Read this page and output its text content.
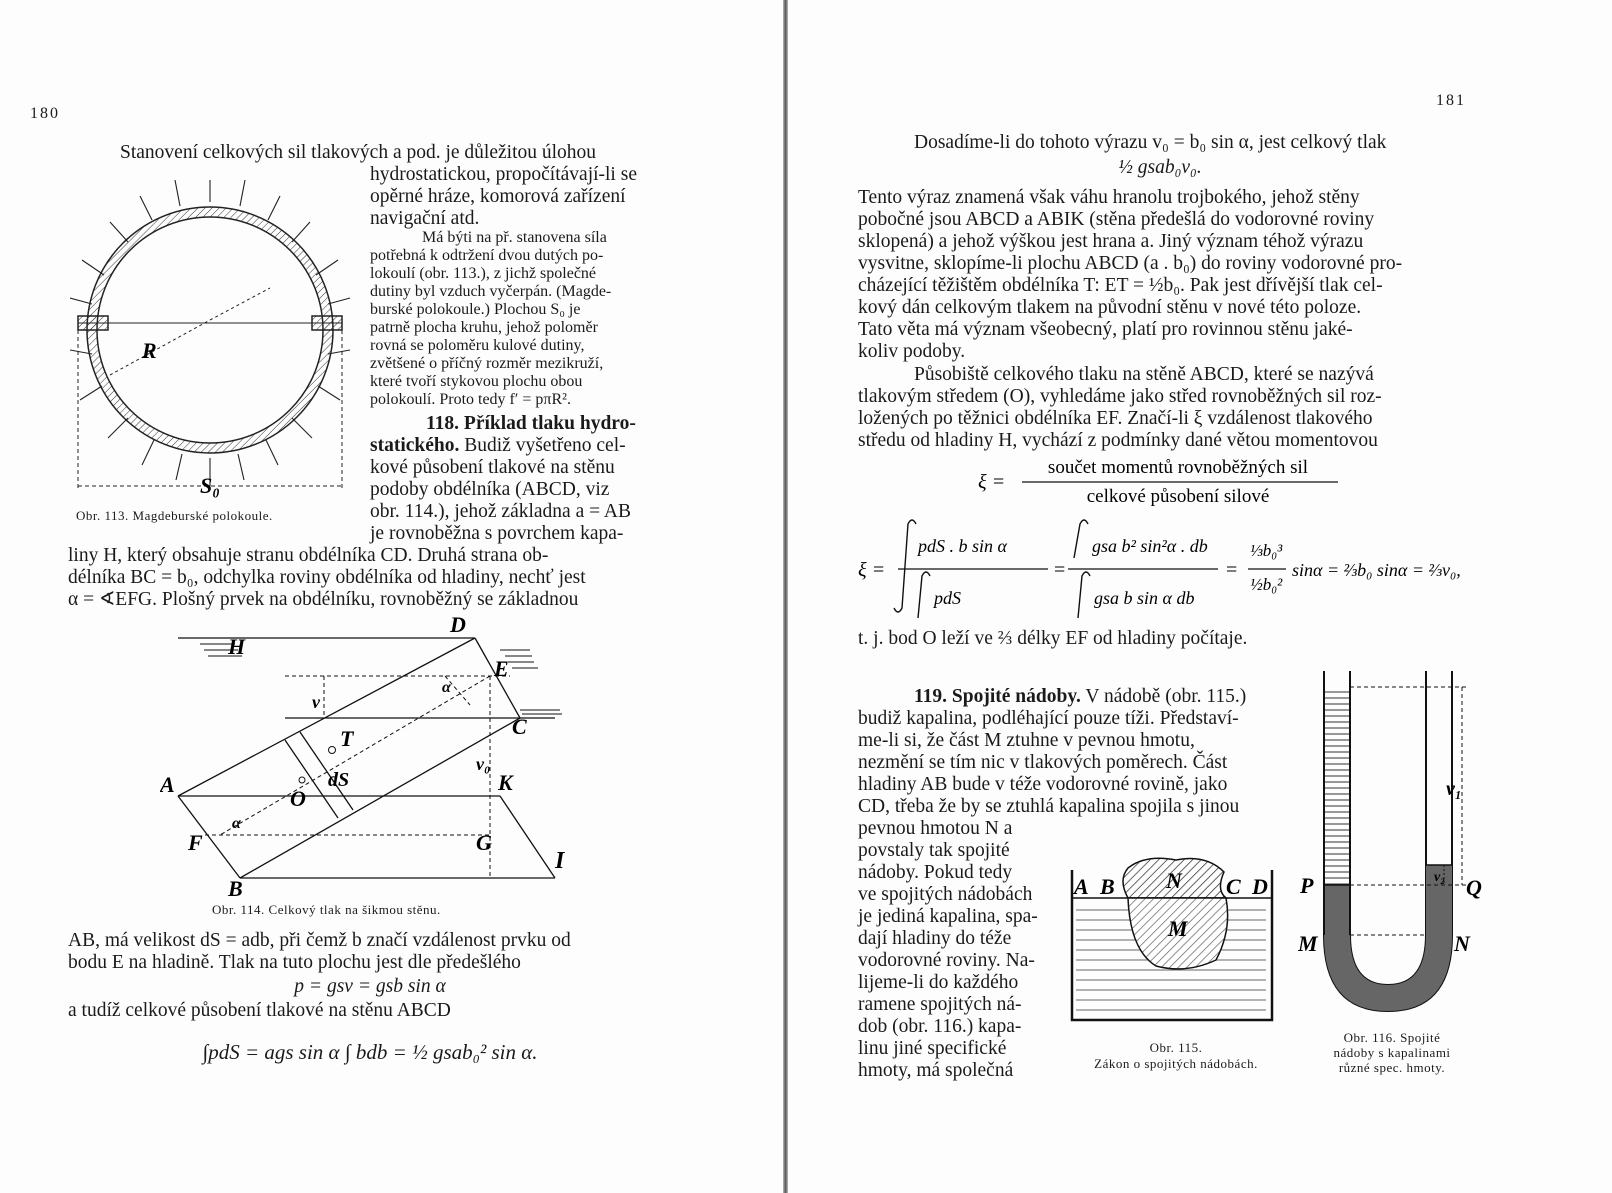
180
Stanovení celkových sil tlakových a pod. je důležitou úlohou
hydrostatickou, propočítávají-li se
opěrné hráze, komorová zařízení
navigační atd.
Má býti na př. stanovena síla
potřebná k odtržení dvou dutých po-
lokoulí (obr. 113.), z jichž společné
dutiny byl vzduch vyčerpán. (Magde-
burské polokoule.) Plochou S₀ je
patrně plocha kruhu, jehož poloměr
rovná se poloměru kulové dutiny,
zvětšené o příčný rozměr mezikruží,
které tvoří stykovou plochu obou
polokoulí. Proto tedy f′ = pπR².
118. Příklad tlaku hydro-
statického. Budiž vyšetřeno cel-
kové působení tlakové na stěnu
podoby obdélníka (ABCD, viz
obr. 114.), jehož základna a = AB
je rovnoběžna s povrchem kapa-
liny H, který obsahuje stranu obdélníka CD. Druhá strana ob-
délníka BC = b₀, odchylka roviny obdélníka od hladiny, nechť jest
α = ∢EFG. Plošný prvek na obdélníku, rovnoběžný se základnou
R
S₀
Obr. 113. Magdeburské polokoule.
H
D
E
C
A
B
F	G
I
K
T
O
dS
v
v₀
α
α
Obr. 114. Celkový tlak na šikmou stěnu.
AB, má velikost dS = adb, při čemž b značí vzdálenost prvku od
bodu E na hladině. Tlak na tuto plochu jest dle předešlého
p = gsv = gsb sin α
a tudíž celkové působení tlakové na stěnu ABCD
∫pdS = ags sin α ∫ bdb = ½ gsab₀² sin α.
181
Dosadíme-li do tohoto výrazu v₀ = b₀ sin α, jest celkový tlak
½ gsab₀v₀.
Tento výraz znamená však váhu hranolu trojbokého, jehož stěny
pobočné jsou ABCD a ABIK (stěna předešlá do vodorovné roviny
sklopená) a jehož výškou jest hrana a. Jiný význam téhož výrazu
vysvitne, sklopíme-li plochu ABCD (a . b₀) do roviny vodorovné pro-
cházející těžištěm obdélníka T: ET = ½b₀. Pak jest dřívější tlak cel-
kový dán celkovým tlakem na původní stěnu v nové této poloze.
Tato věta má význam všeobecný, platí pro rovinnou stěnu jaké-
koliv podoby.
Působiště celkového tlaku na stěně ABCD, které se nazývá
tlakovým středem (O), vyhledáme jako střed rovnoběžných sil roz-
ložených po těžnici obdélníka EF. Značí-li ξ vzdálenost tlakového
středu od hladiny H, vychází z podmínky dané větou momentovou
ξ =
součet momentů rovnoběžných sil
celkové působení silové
ξ =
pdS . b sin α
pdS
=
gsa b² sin²α . db
gsa b sin α db
=
⅓b₀³
½b₀²
sinα = ⅔b₀ sinα = ⅔v₀,
t. j. bod O leží ve ⅔ délky EF od hladiny počítaje.
119. Spojité nádoby. V nádobě (obr. 115.)
budiž kapalina, podléhající pouze tíži. Představí-
me-li si, že část M ztuhne v pevnou hmotu,
nezmění se tím nic v tlakových poměrech. Část
hladiny AB bude v téže vodorovné rovině, jako
CD, třeba že by se ztuhlá kapalina spojila s jinou
pevnou hmotou N a
povstaly tak spojité
nádoby. Pokud tedy
ve spojitých nádobách
je jediná kapalina, spa-
dají hladiny do téže
vodorovné roviny. Na-
lijeme-li do každého
ramene spojitých ná-
dob (obr. 116.) kapa-
linu jiné specifické
hmoty, má společná
A B	C D
N
M
Obr. 115.
Zákon o spojitých nádobách.
P	Q
M	N
v₁
v₂
Obr. 116. Spojité
nádoby s kapalinami
různé spec. hmoty.
